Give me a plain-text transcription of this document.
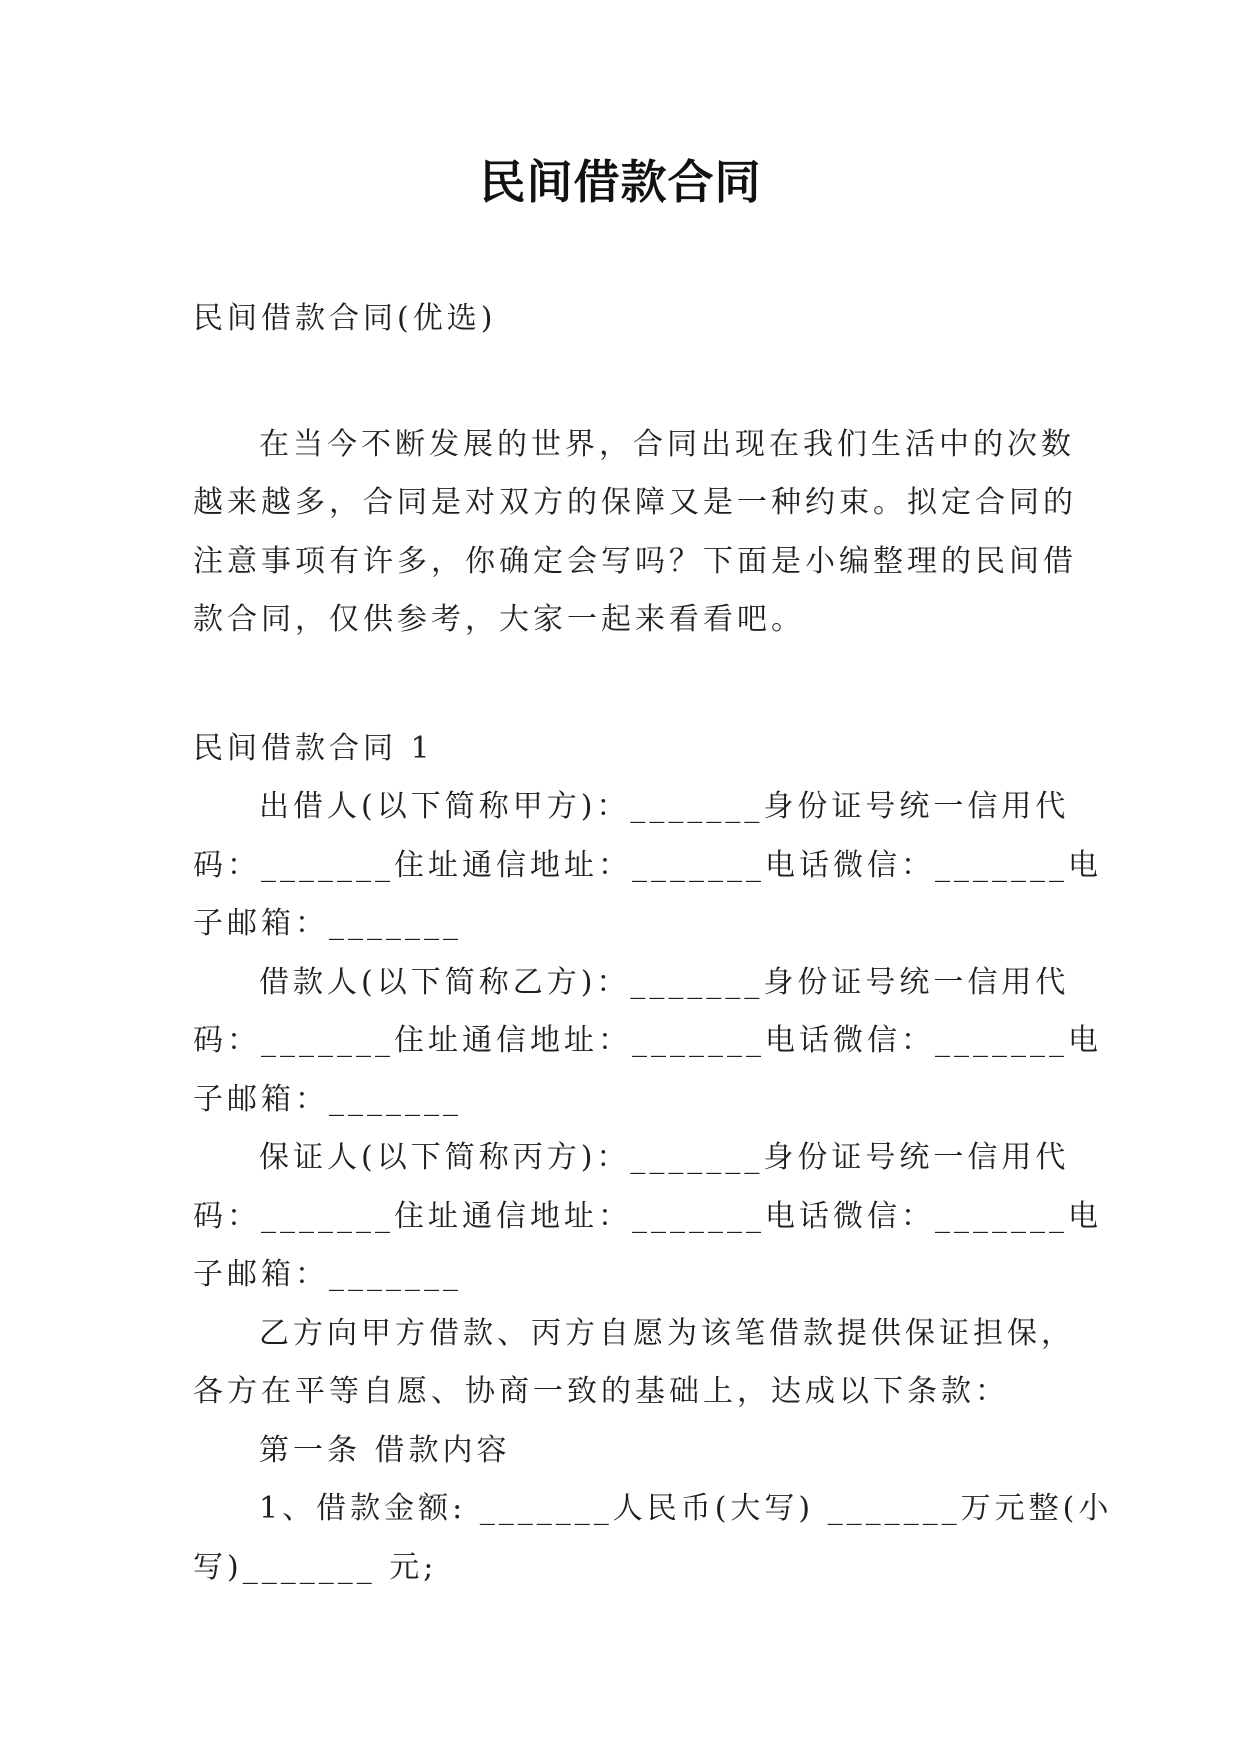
民间借款合同
民间借款合同(优选)
在当今不断发展的世界，合同出现在我们生活中的次数
越来越多，合同是对双方的保障又是一种约束。拟定合同的
注意事项有许多，你确定会写吗？下面是小编整理的民间借
款合同，仅供参考，大家一起来看看吧。
民间借款合同 1
出借人(以下简称甲方)：_______身份证号统一信用代
码：_______住址通信地址：_______电话微信：_______电
子邮箱：_______
借款人(以下简称乙方)：_______身份证号统一信用代
码：_______住址通信地址：_______电话微信：_______电
子邮箱：_______
保证人(以下简称丙方)：_______身份证号统一信用代
码：_______住址通信地址：_______电话微信：_______电
子邮箱：_______
乙方向甲方借款、丙方自愿为该笔借款提供保证担保，
各方在平等自愿、协商一致的基础上，达成以下条款：
第一条 借款内容
1、借款金额: _______人民币(大写) _______万元整(小
写)_______ 元;
